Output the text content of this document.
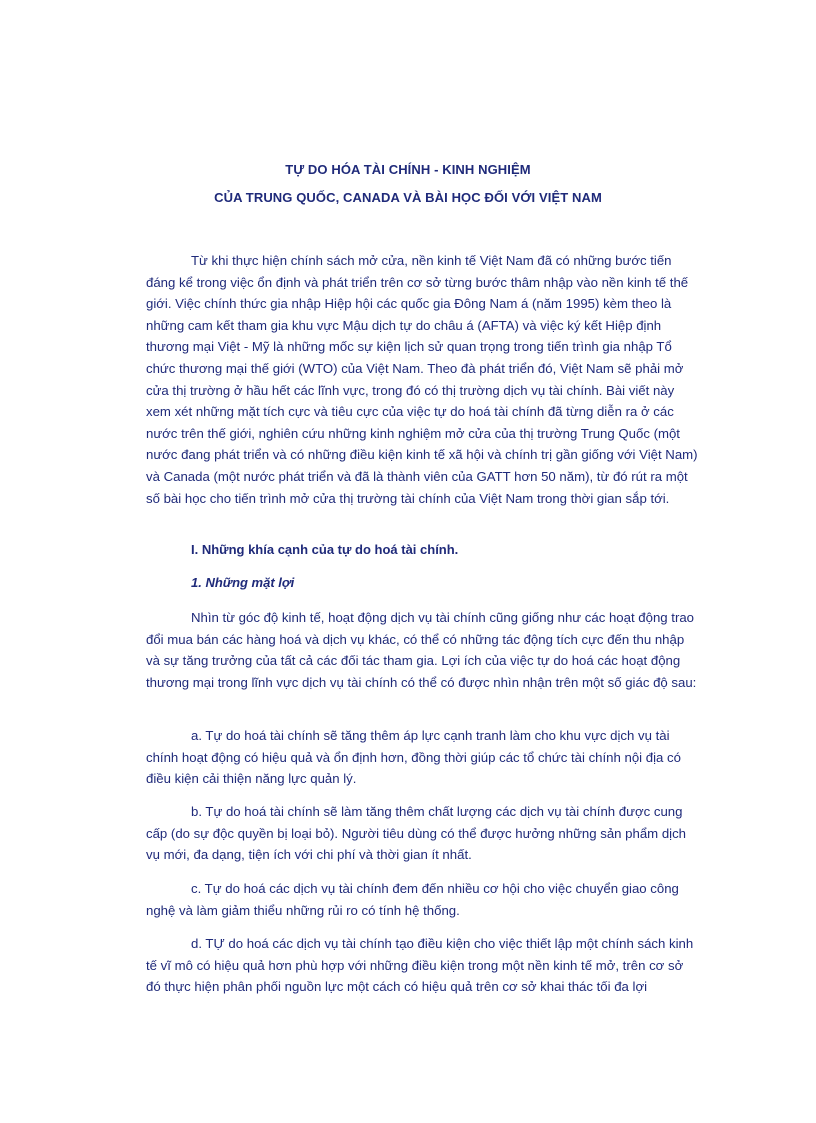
TỰ DO HÓA TÀI CHÍNH - KINH NGHIỆM
CỦA TRUNG QUỐC, CANADA VÀ BÀI HỌC ĐỐI VỚI VIỆT NAM

Từ khi thực hiện chính sách mở cửa, nền kinh tế Việt Nam đã có những bước tiến đáng kể trong việc ổn định và phát triển trên cơ sở từng bước thâm nhập vào nền kinh tế thế giới. Việc chính thức gia nhập Hiệp hội các quốc gia Đông Nam á (năm 1995) kèm theo là những cam kết tham gia khu vực Mậu dịch tự do châu á (AFTA) và việc ký kết Hiệp định thương mại Việt - Mỹ là những mốc sự kiện lịch sử quan trọng trong tiến trình gia nhập Tổ chức thương mại thế giới (WTO) của Việt Nam. Theo đà phát triển đó, Việt Nam sẽ phải mở cửa thị trường ở hầu hết các lĩnh vực, trong đó có thị trường dịch vụ tài chính. Bài viết này xem xét những mặt tích cực và tiêu cực của việc tự do hoá tài chính đã từng diễn ra ở các nước trên thế giới, nghiên cứu những kinh nghiệm mở cửa của thị trường Trung Quốc (một nước đang phát triển và có những điều kiện kinh tế xã hội và chính trị gần giống với Việt Nam) và Canada (một nước phát triển và đã là thành viên của GATT hơn 50 năm), từ đó rút ra một số bài học cho tiến trình mở cửa thị trường tài chính của Việt Nam trong thời gian sắp tới.

I. Những khía cạnh của tự do hoá tài chính.

1. Những mặt lợi

Nhìn từ góc độ kinh tế, hoạt động dịch vụ tài chính cũng giống như các hoạt động trao đổi mua bán các hàng hoá và dịch vụ khác, có thể có những tác động tích cực đến thu nhập và sự tăng trưởng của tất cả các đối tác tham gia. Lợi ích của việc tự do hoá các hoạt động thương mại trong lĩnh vực dịch vụ tài chính có thể có được nhìn nhận trên một số giác độ sau:

a. Tự do hoá tài chính sẽ tăng thêm áp lực cạnh tranh làm cho khu vực dịch vụ tài chính hoạt động có hiệu quả và ổn định hơn, đồng thời giúp các tổ chức tài chính nội địa có điều kiện cải thiện năng lực quản lý.

b. Tự do hoá tài chính sẽ làm tăng thêm chất lượng các dịch vụ tài chính được cung cấp (do sự độc quyền bị loại bỏ). Người tiêu dùng có thể được hưởng những sản phẩm dịch vụ mới, đa dạng, tiện ích với chi phí và thời gian ít nhất.

c. Tự do hoá các dịch vụ tài chính đem đến nhiều cơ hội cho việc chuyển giao công nghệ và làm giảm thiểu những rủi ro có tính hệ thống.

d. TỰ do hoá các dịch vụ tài chính tạo điều kiện cho việc thiết lập một chính sách kinh tế vĩ mô có hiệu quả hơn phù hợp với những điều kiện trong một nền kinh tế mở, trên cơ sở đó thực hiện phân phối nguồn lực một cách có hiệu quả trên cơ sở khai thác tối đa lợi
